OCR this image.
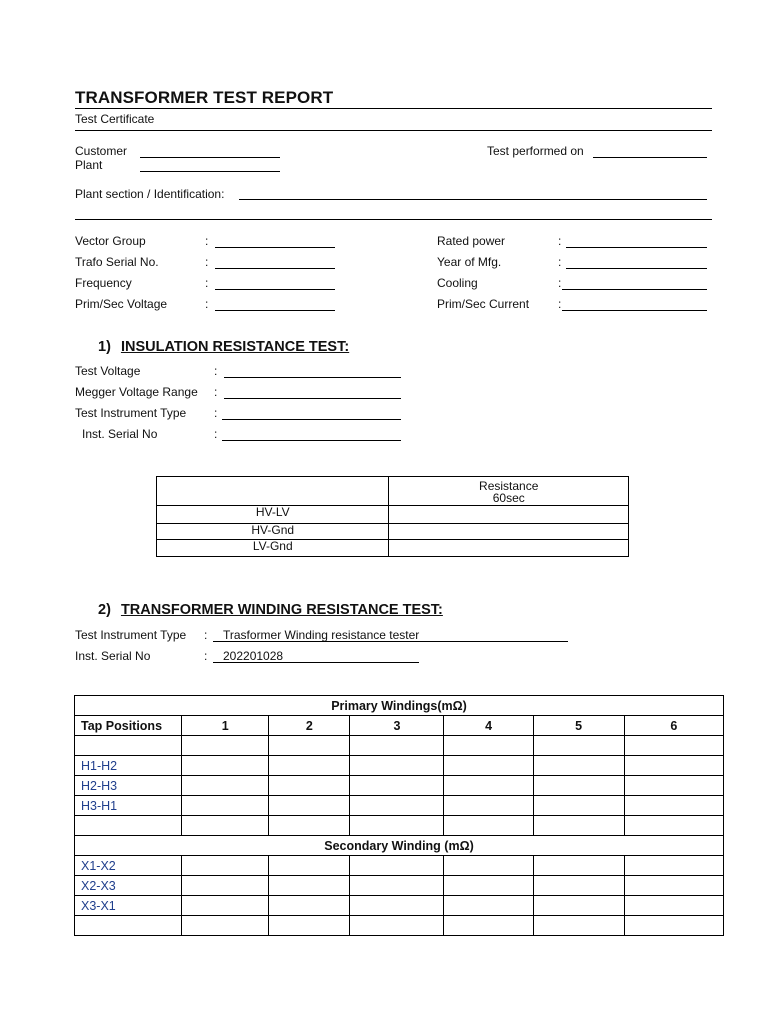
TRANSFORMER TEST REPORT
Test Certificate
Customer
Plant
Test performed on
Plant section / Identification:
Vector Group	:
Trafo Serial No.	:
Frequency	:
Prim/Sec Voltage	:
Rated power	:
Year of Mfg.	:
Cooling	:
Prim/Sec Current :
1) INSULATION RESISTANCE TEST:
Test Voltage	:
Megger Voltage Range :
Test Instrument Type :
Inst. Serial No	:

	Resistance
60sec

HV-LV	
HV-Gnd	
LV-Gnd	
2) TRANSFORMER WINDING RESISTANCE TEST:
Test Instrument Type : Trasformer Winding resistance tester
Inst. Serial No	: 202201028
Primary Windings(mΩ)						
Tap Positions	1	2	3	4	5	6

H1-H2						
H2-H3						
H3-H1						

Secondary Winding (mΩ)						
X1-X2						
X2-X3						
X3-X1						
